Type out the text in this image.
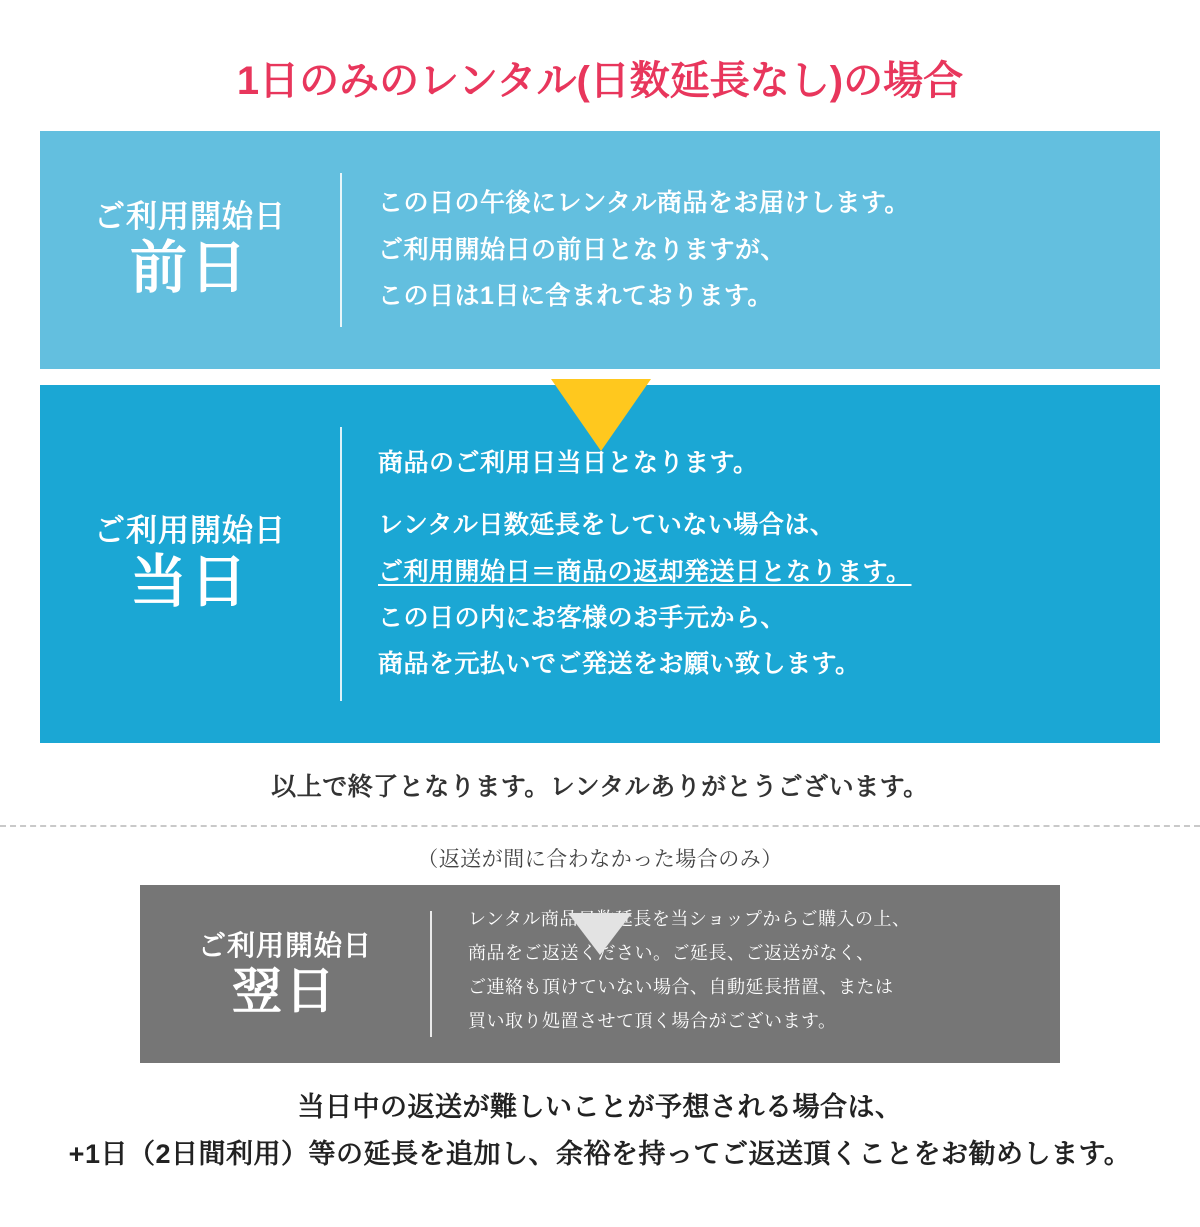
1日のみのレンタル(日数延長なし)の場合
ご利用開始日
前日

この日の午後にレンタル商品をお届けします。

ご利用開始日の前日となりますが、

この日は1日に含まれております。

ご利用開始日
当日

商品のご利用日当日となります。

レンタル日数延長をしていない場合は、

ご利用開始日＝商品の返却発送日となります。

この日の内にお客様のお手元から、

商品を元払いでご発送をお願い致します。

以上で終了となります。レンタルありがとうございます。
（返送が間に合わなかった場合のみ）
ご利用開始日
翌日

レンタル商品日数延長を当ショップからご購入の上、

商品をご返送ください。ご延長、ご返送がなく、

ご連絡も頂けていない場合、自動延長措置、または

買い取り処置させて頂く場合がございます。

当日中の返送が難しいことが予想される場合は、

+1日（2日間利用）等の延長を追加し、余裕を持ってご返送頂くことをお勧めします。
